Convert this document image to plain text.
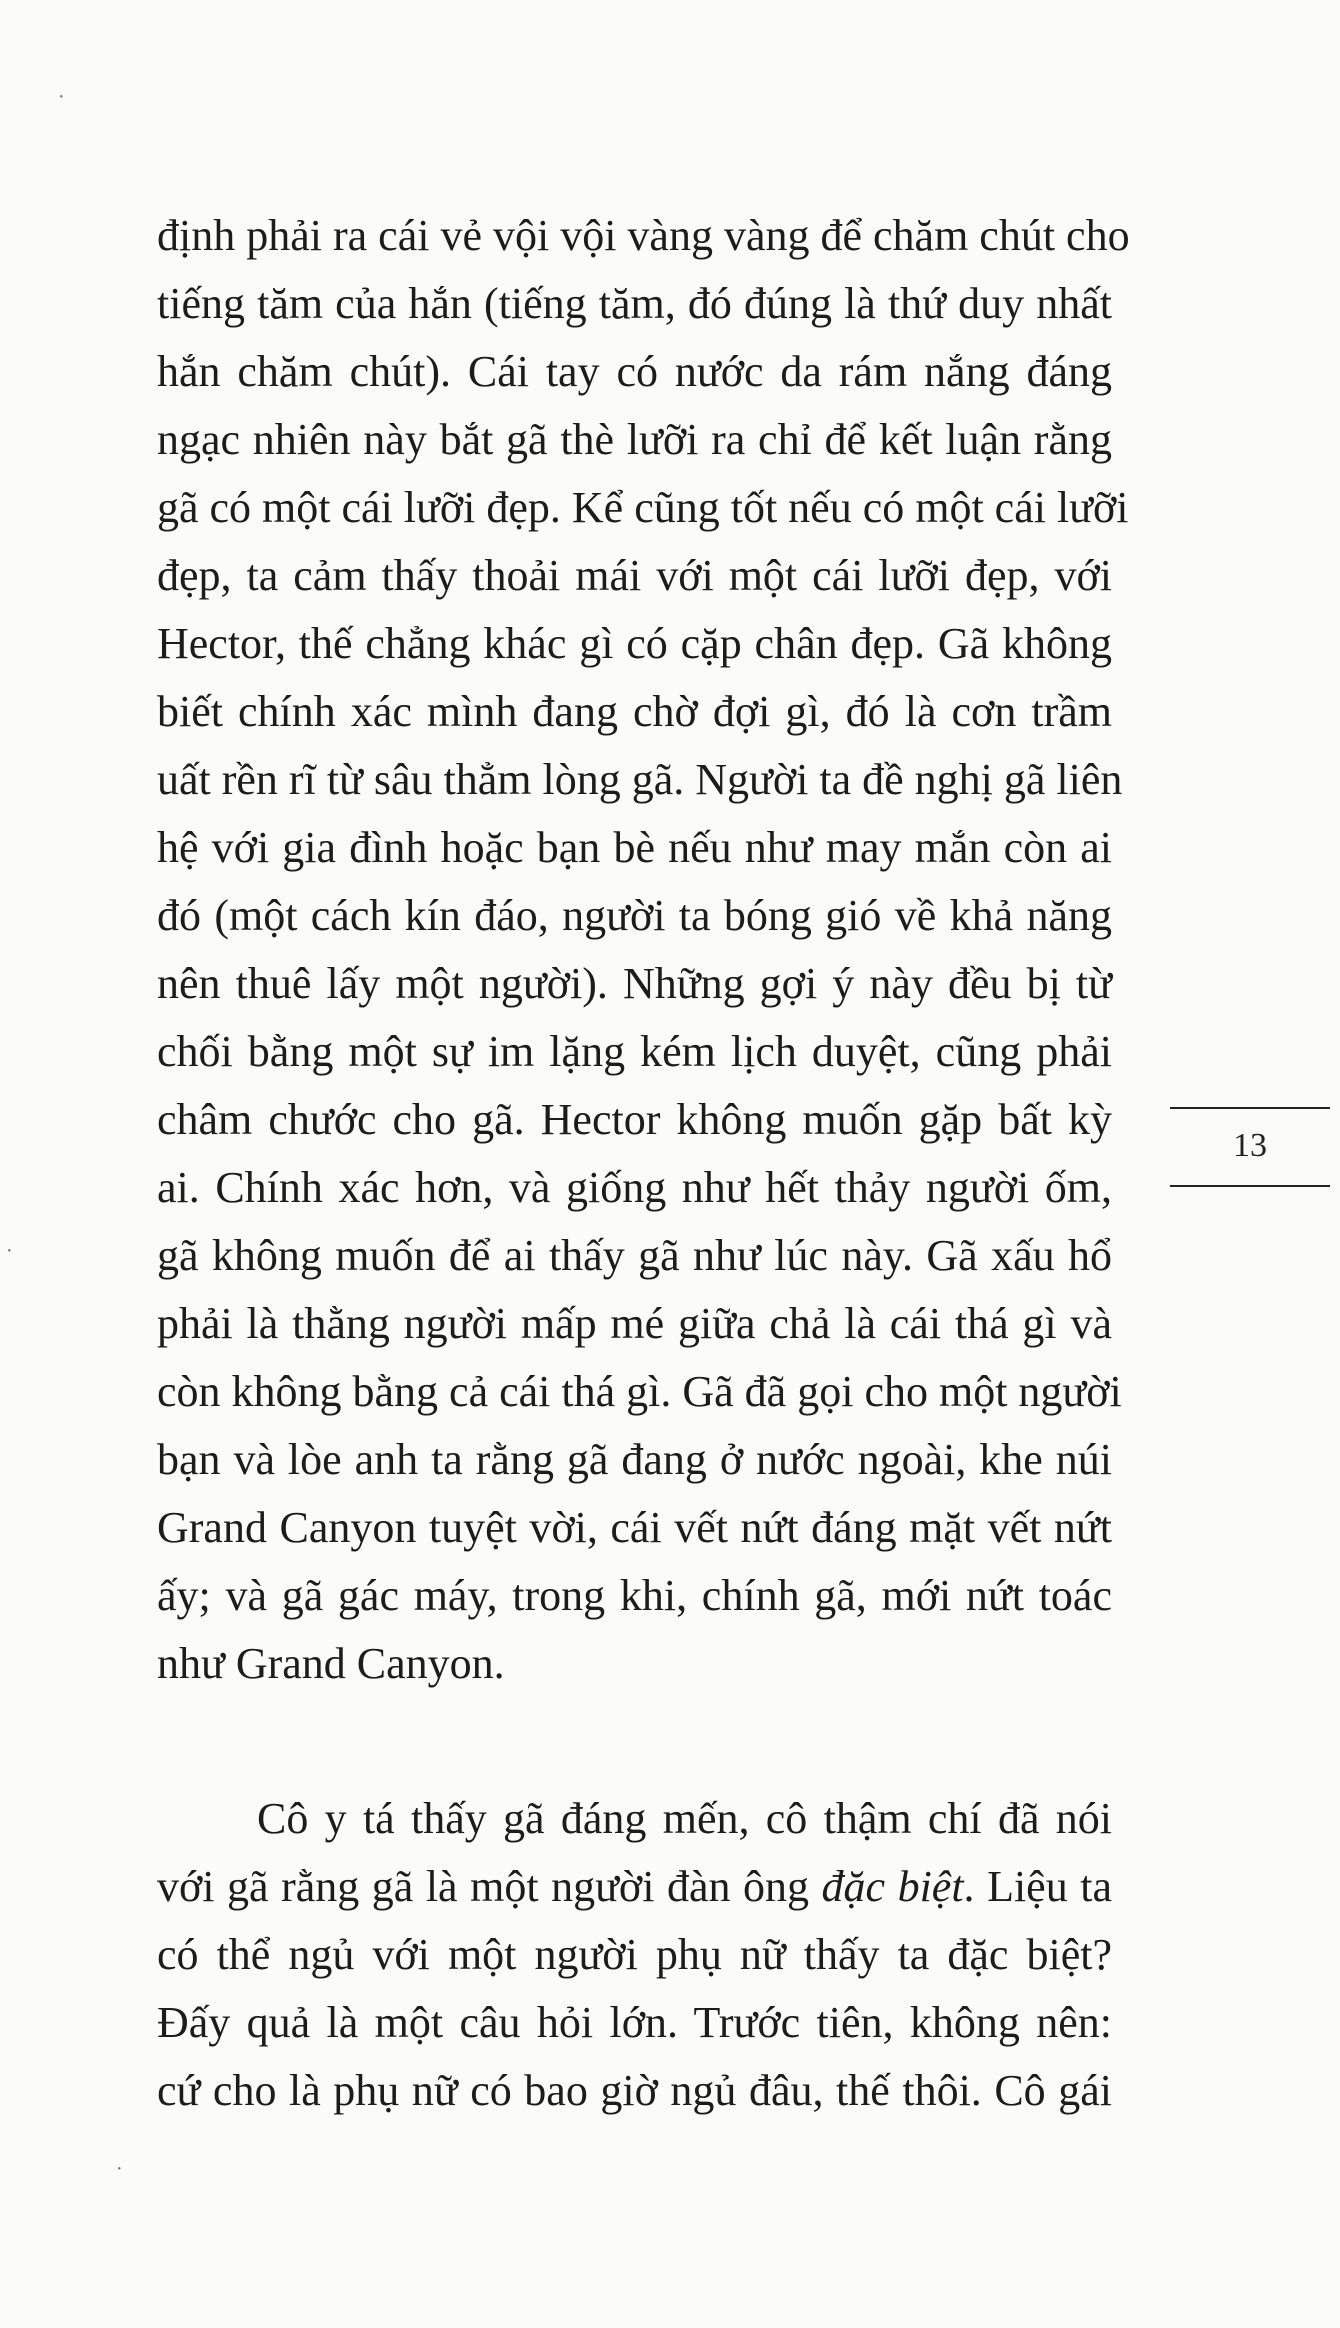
định phải ra cái vẻ vội vội vàng vàng để chăm chút cho
tiếng tăm của hắn (tiếng tăm, đó đúng là thứ duy nhất
hắn chăm chút). Cái tay có nước da rám nắng đáng
ngạc nhiên này bắt gã thè lưỡi ra chỉ để kết luận rằng
gã có một cái lưỡi đẹp. Kể cũng tốt nếu có một cái lưỡi
đẹp, ta cảm thấy thoải mái với một cái lưỡi đẹp, với
Hector, thế chẳng khác gì có cặp chân đẹp. Gã không
biết chính xác mình đang chờ đợi gì, đó là cơn trầm
uất rền rĩ từ sâu thẳm lòng gã. Người ta đề nghị gã liên
hệ với gia đình hoặc bạn bè nếu như may mắn còn ai
đó (một cách kín đáo, người ta bóng gió về khả năng
nên thuê lấy một người). Những gợi ý này đều bị từ
chối bằng một sự im lặng kém lịch duyệt, cũng phải
châm chước cho gã. Hector không muốn gặp bất kỳ
ai. Chính xác hơn, và giống như hết thảy người ốm,
gã không muốn để ai thấy gã như lúc này. Gã xấu hổ
phải là thằng người mấp mé giữa chả là cái thá gì và
còn không bằng cả cái thá gì. Gã đã gọi cho một người
bạn và lòe anh ta rằng gã đang ở nước ngoài, khe núi
Grand Canyon tuyệt vời, cái vết nứt đáng mặt vết nứt
ấy; và gã gác máy, trong khi, chính gã, mới nứt toác
như Grand Canyon.
Cô y tá thấy gã đáng mến, cô thậm chí đã nói
với gã rằng gã là một người đàn ông đặc biệt. Liệu ta
có thể ngủ với một người phụ nữ thấy ta đặc biệt?
Đấy quả là một câu hỏi lớn. Trước tiên, không nên:
cứ cho là phụ nữ có bao giờ ngủ đâu, thế thôi. Cô gái
13
·
·
·
